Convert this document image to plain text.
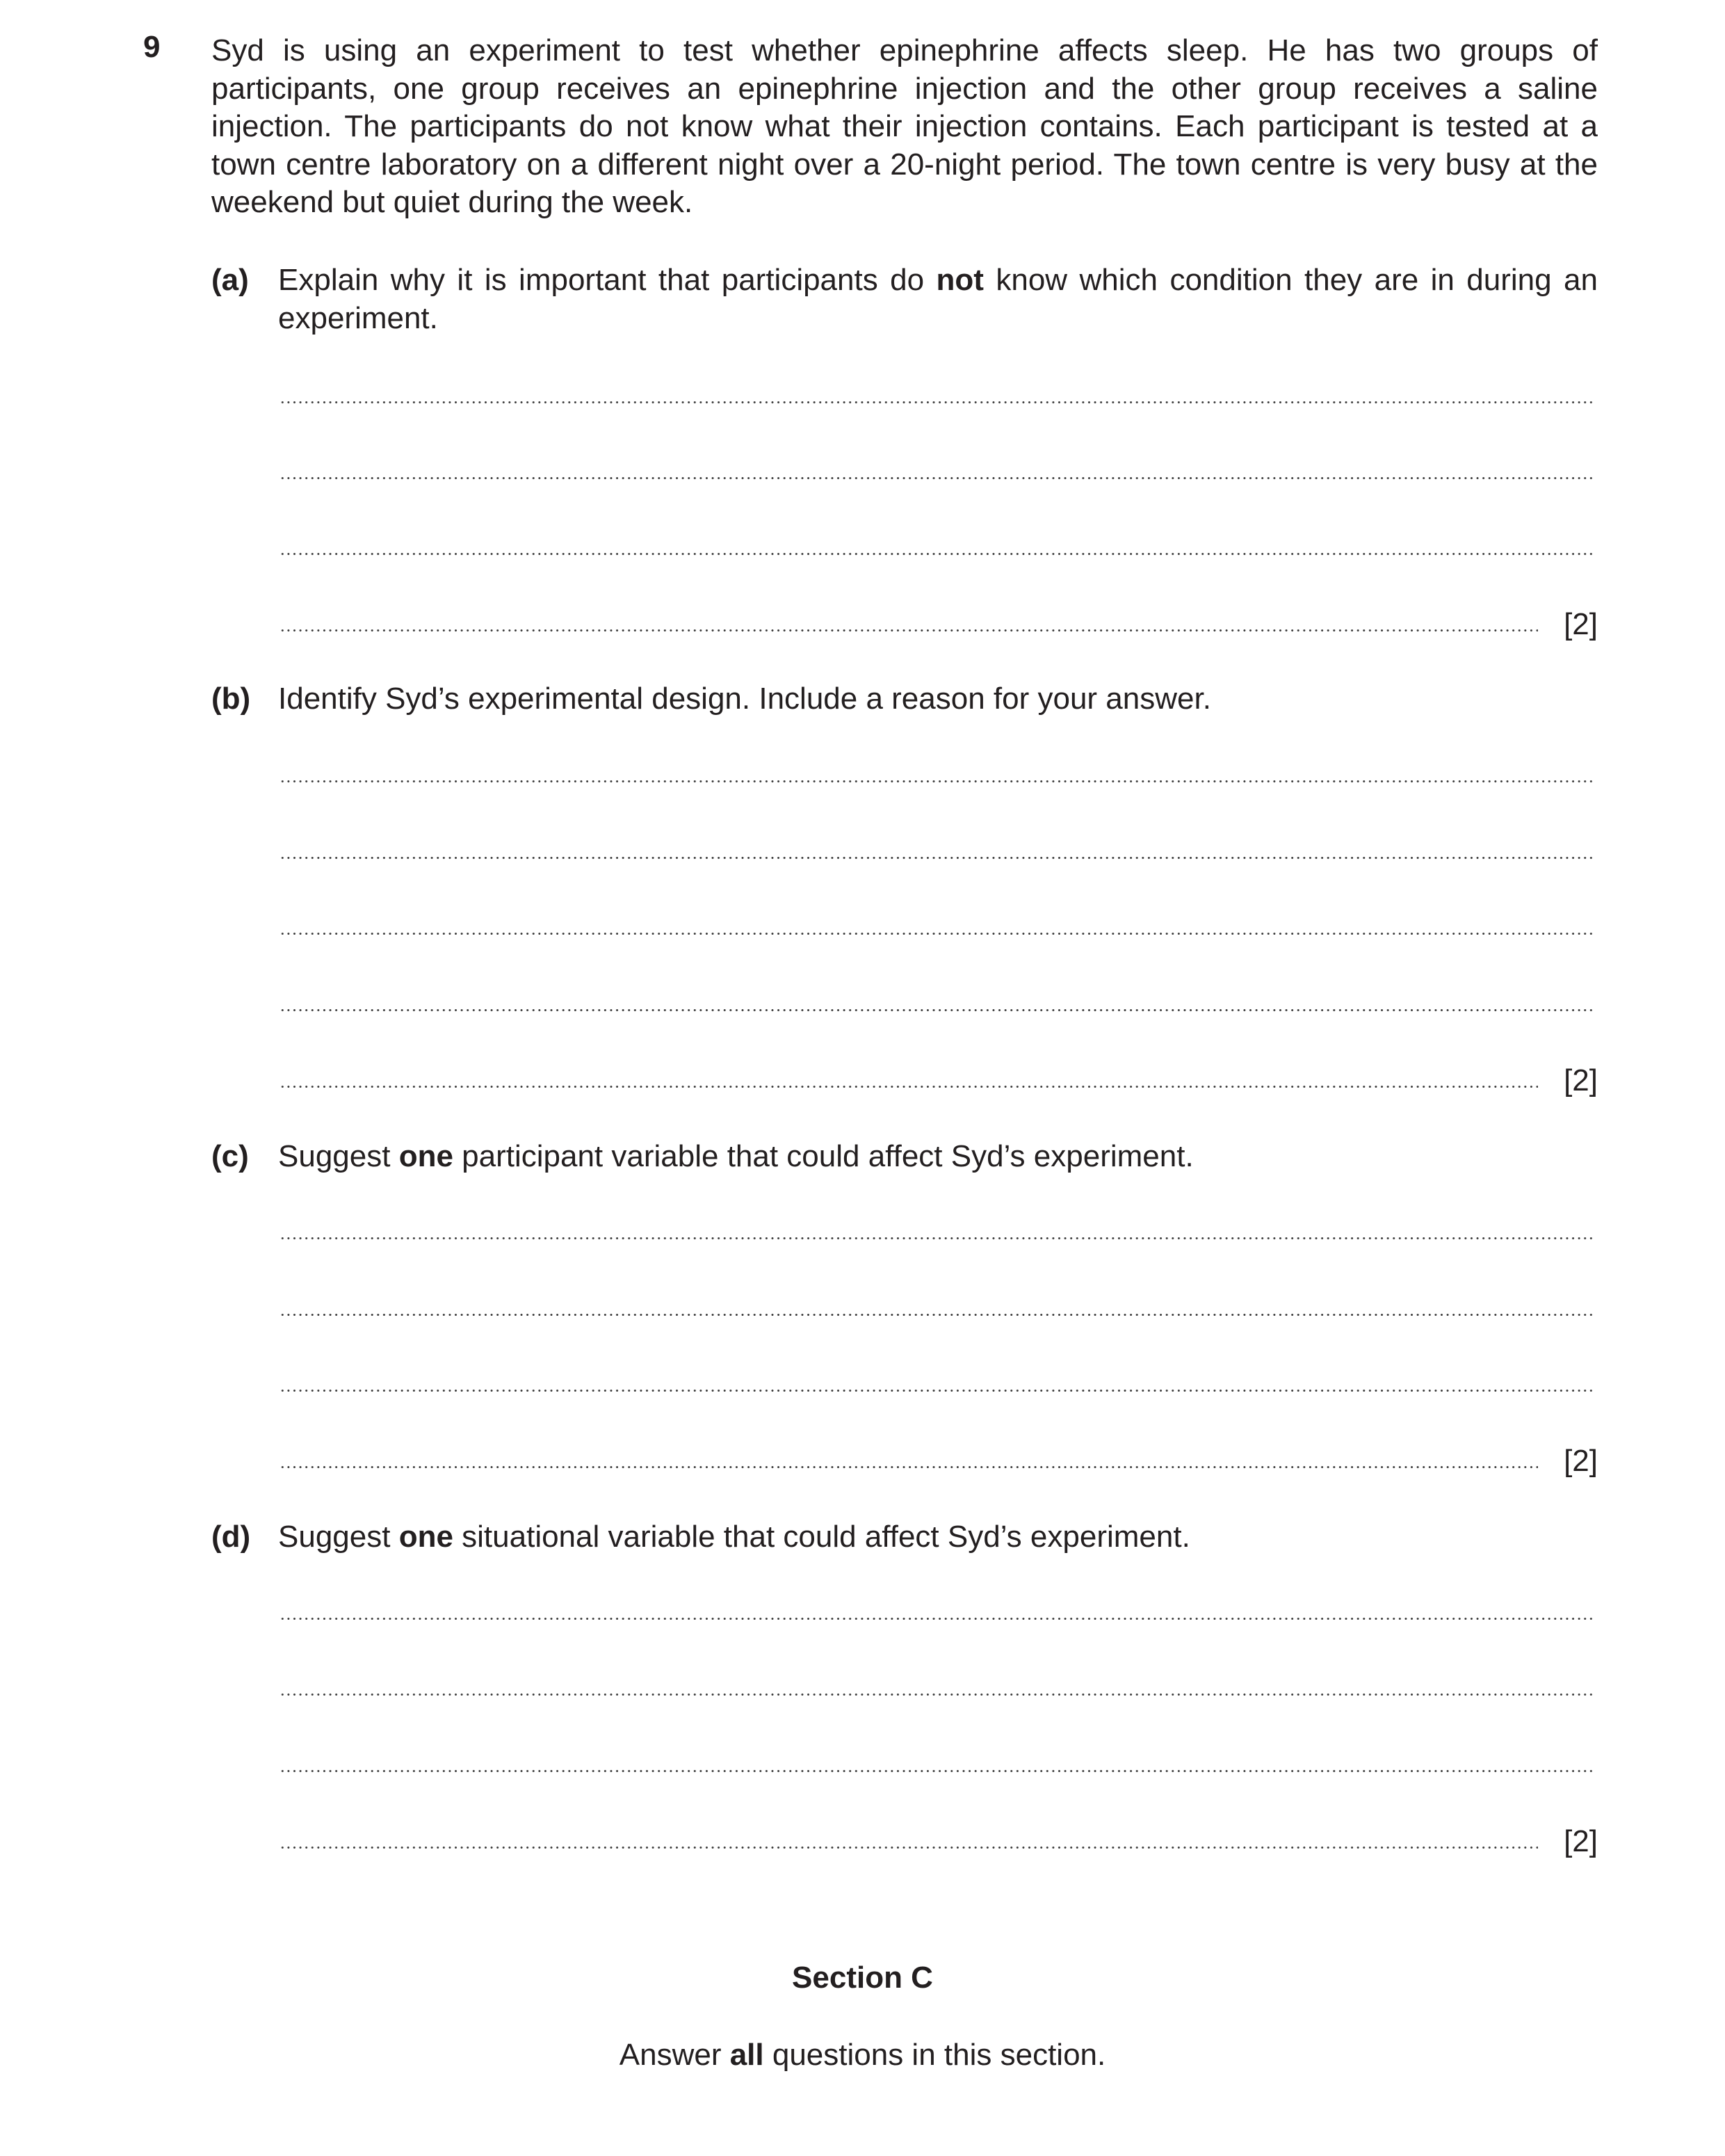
9 Syd is using an experiment to test whether epinephrine affects sleep. He has two groups of participants, one group receives an epinephrine injection and the other group receives a saline injection. The participants do not know what their injection contains. Each participant is tested at a town centre laboratory on a different night over a 20-night period. The town centre is very busy at the weekend but quiet during the week.

(a) Explain why it is important that participants do not know which condition they are in during an experiment.

[2]
(b) Identify Syd’s experimental design. Include a reason for your answer.

[2]
(c) Suggest one participant variable that could affect Syd’s experiment.

[2]
(d) Suggest one situational variable that could affect Syd’s experiment.

[2]
Section C

Answer all questions in this section.
